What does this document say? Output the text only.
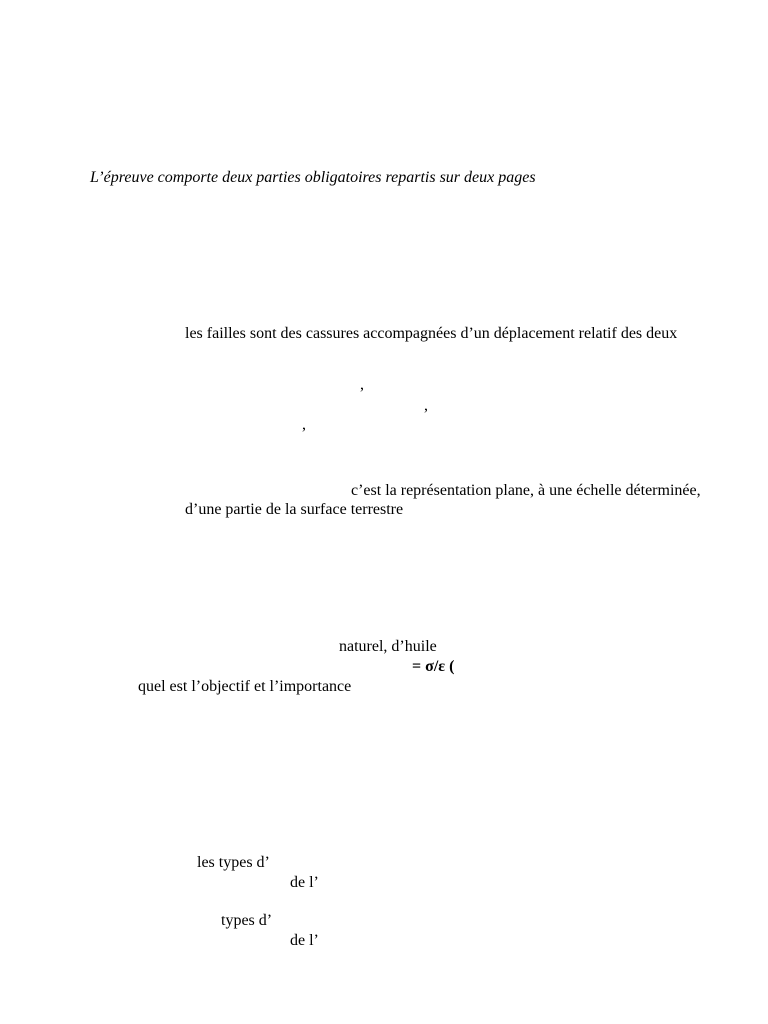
L’épreuve comporte deux parties obligatoires repartis sur deux pages

les failles sont des cassures accompagnées d’un déplacement relatif des deux

,

,

,

c’est la représentation plane, à une échelle déterminée,

d’une partie de la surface terrestre

naturel, d’huile

= σ/ε (

quel est l’objectif et l’importance

les types d’

de l’

types d’

de l’
